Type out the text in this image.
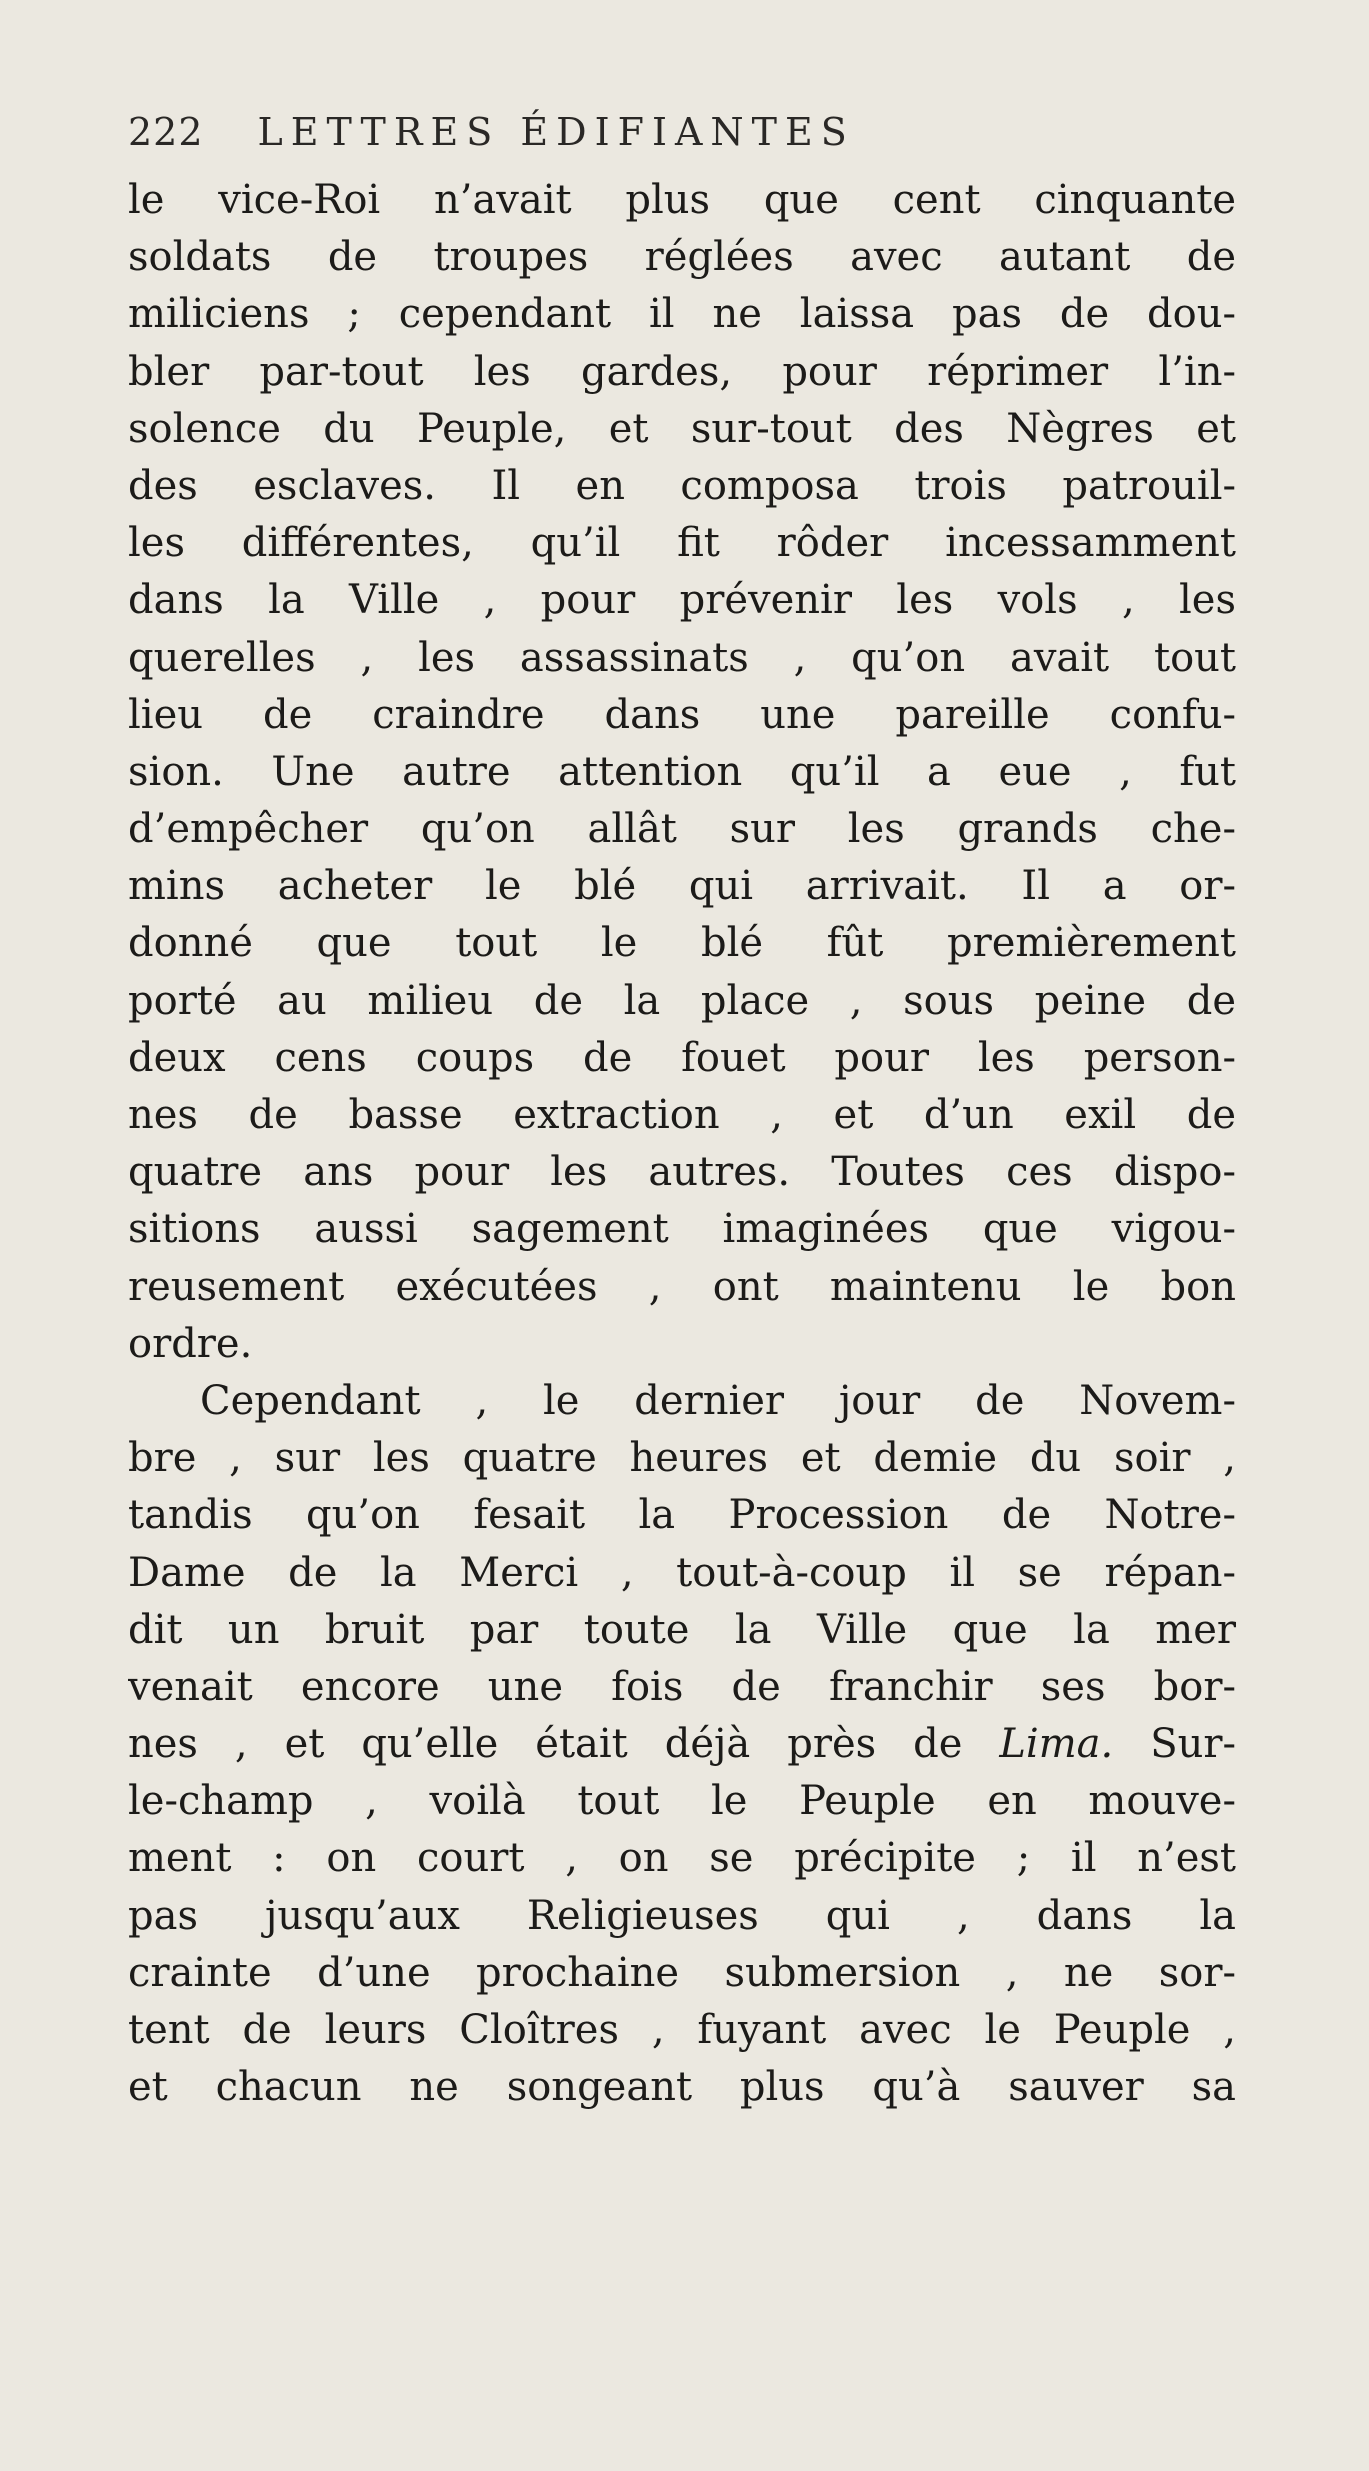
222 LETTRES ÉDIFIANTES
le vice-Roi n’avait plus que cent cinquante
soldats de troupes réglées avec autant de
miliciens ; cependant il ne laissa pas de dou-
bler par-tout les gardes, pour réprimer l’in-
solence du Peuple, et sur-tout des Nègres et
des esclaves. Il en composa trois patrouil-
les différentes, qu’il fit rôder incessamment
dans la Ville , pour prévenir les vols , les
querelles , les assassinats , qu’on avait tout
lieu de craindre dans une pareille confu-
sion. Une autre attention qu’il a eue , fut
d’empêcher qu’on allât sur les grands che-
mins acheter le blé qui arrivait. Il a or-
donné que tout le blé fût premièrement
porté au milieu de la place , sous peine de
deux cens coups de fouet pour les person-
nes de basse extraction , et d’un exil de
quatre ans pour les autres. Toutes ces dispo-
sitions aussi sagement imaginées que vigou-
reusement exécutées , ont maintenu le bon
ordre.
Cependant , le dernier jour de Novem-
bre , sur les quatre heures et demie du soir ,
tandis qu’on fesait la Procession de Notre-
Dame de la Merci , tout-à-coup il se répan-
dit un bruit par toute la Ville que la mer
venait encore une fois de franchir ses bor-
nes , et qu’elle était déjà près de Lima. Sur-
le-champ , voilà tout le Peuple en mouve-
ment : on court , on se précipite ; il n’est
pas jusqu’aux Religieuses qui , dans la
crainte d’une prochaine submersion , ne sor-
tent de leurs Cloîtres , fuyant avec le Peuple ,
et chacun ne songeant plus qu’à sauver sa
